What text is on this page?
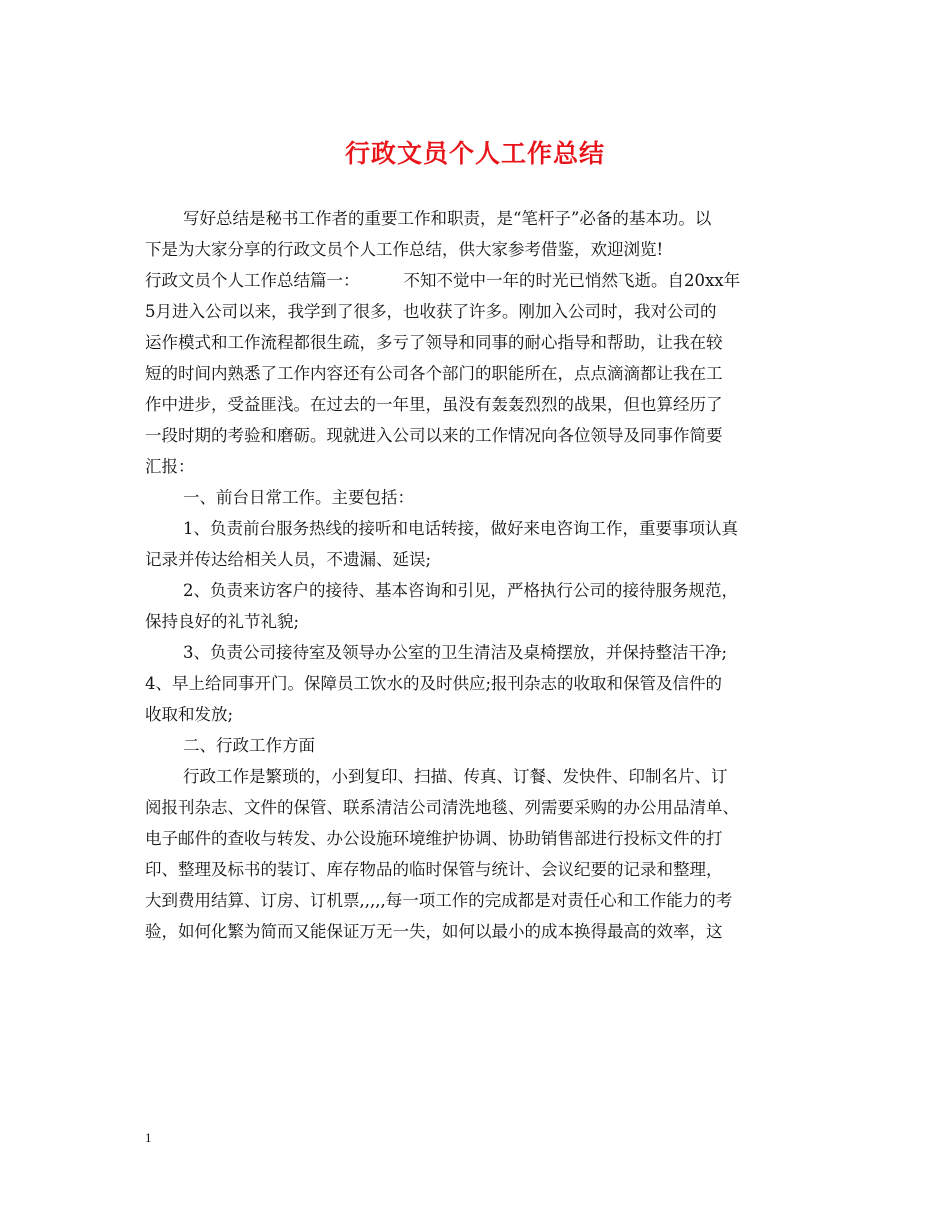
行政文员个人工作总结
写好总结是秘书工作者的重要工作和职责，是“笔杆子”必备的基本功。以
下是为大家分享的行政文员个人工作总结，供大家参考借鉴，欢迎浏览!
行政文员个人工作总结篇一：	不知不觉中一年的时光已悄然飞逝。自20xx年
5月进入公司以来，我学到了很多，也收获了许多。刚加入公司时，我对公司的
运作模式和工作流程都很生疏，多亏了领导和同事的耐心指导和帮助，让我在较
短的时间内熟悉了工作内容还有公司各个部门的职能所在，点点滴滴都让我在工
作中进步，受益匪浅。在过去的一年里，虽没有轰轰烈烈的战果，但也算经历了
一段时期的考验和磨砺。现就进入公司以来的工作情况向各位领导及同事作简要
汇报：
一、前台日常工作。主要包括：
1、负责前台服务热线的接听和电话转接，做好来电咨询工作，重要事项认真
记录并传达给相关人员，不遗漏、延误;
2、负责来访客户的接待、基本咨询和引见，严格执行公司的接待服务规范，
保持良好的礼节礼貌;
3、负责公司接待室及领导办公室的卫生清洁及桌椅摆放，并保持整洁干净;
4、早上给同事开门。保障员工饮水的及时供应;报刊杂志的收取和保管及信件的
收取和发放;
二、行政工作方面
行政工作是繁琐的，小到复印、扫描、传真、订餐、发快件、印制名片、订
阅报刊杂志、文件的保管、联系清洁公司清洗地毯、列需要采购的办公用品清单、
电子邮件的查收与转发、办公设施环境维护协调、协助销售部进行投标文件的打
印、整理及标书的装订、库存物品的临时保管与统计、会议纪要的记录和整理，
大到费用结算、订房、订机票,,,,,每一项工作的完成都是对责任心和工作能力的考
验，如何化繁为简而又能保证万无一失，如何以最小的成本换得最高的效率，这
1
